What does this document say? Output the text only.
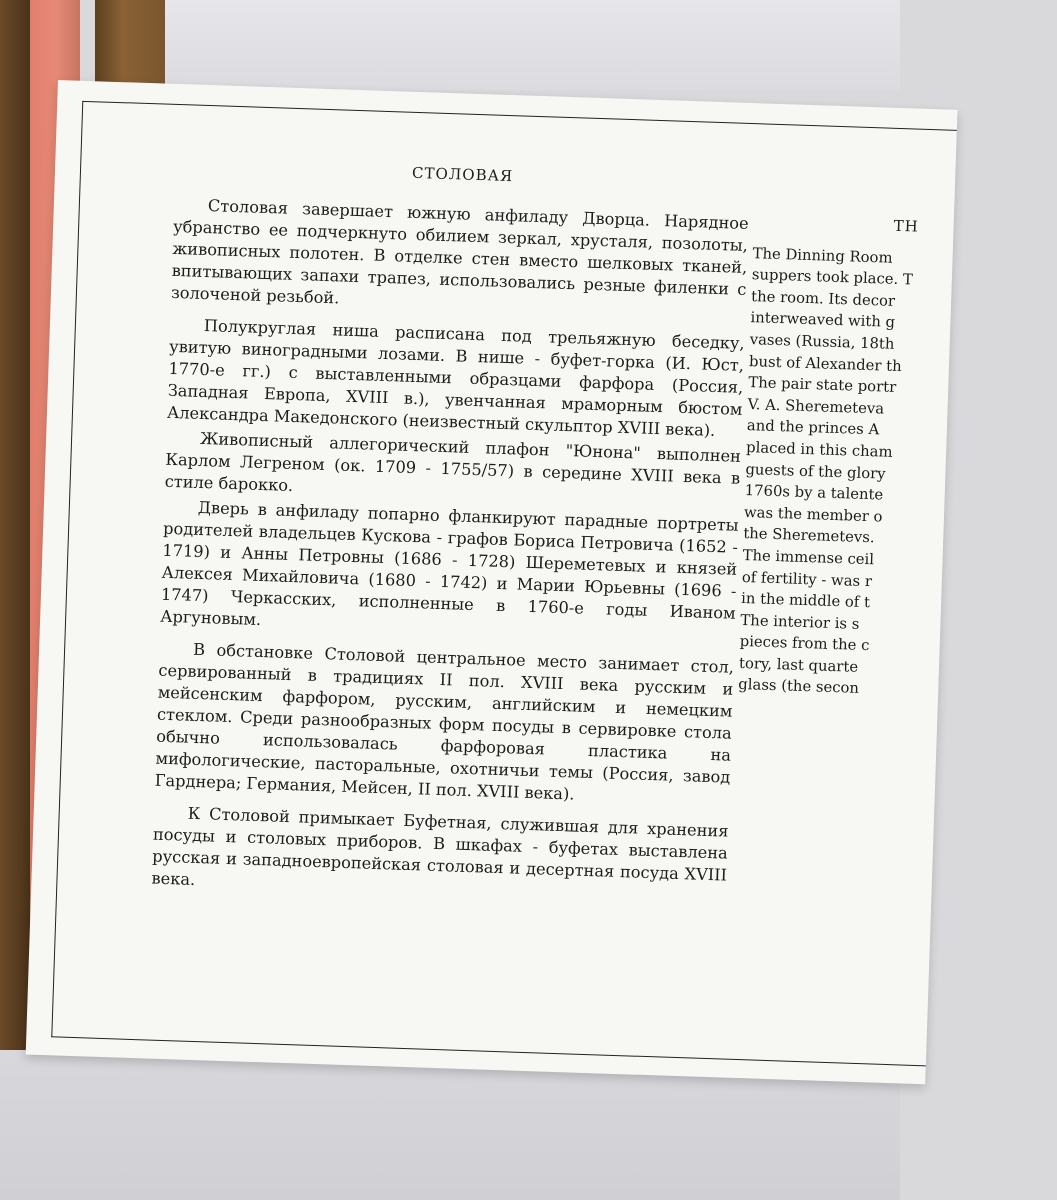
СТОЛОВАЯ

Столовая завершает южную анфиладу Дворца. Нарядное убранство ее подчеркнуто обилием зеркал, хрусталя, позолоты, живописных полотен. В отделке стен вместо шелковых тканей, впитывающих запахи трапез, использовались резные филенки с золоченой резьбой.

Полукруглая ниша расписана под трельяжную беседку, увитую виноградными лозами. В нише - буфет-горка (И. Юст, 1770-е гг.) с выставленными образцами фарфора (Россия, Западная Европа, XVIII в.), увенчанная мраморным бюстом Александра Македонского (неизвестный скульптор XVIII века).

Живописный аллегорический плафон "Юнона" выполнен Карлом Легреном (ок. 1709 - 1755/57) в середине XVIII века в стиле барокко.

Дверь в анфиладу попарно фланкируют парадные портреты родителей владельцев Кускова - графов Бориса Петровича (1652 - 1719) и Анны Петровны (1686 - 1728) Шереметевых и князей Алексея Михайловича (1680 - 1742) и Марии Юрьевны (1696 - 1747) Черкасских, исполненные в 1760-е годы Иваном Аргуновым.

В обстановке Столовой центральное место занимает стол, сервированный в традициях II пол. XVIII века русским и мейсенским фарфором, русским, английским и немецким стеклом. Среди разнообразных форм посуды в сервировке стола обычно использовалась фарфоровая пластика на мифологические, пасторальные, охотничьи темы (Россия, завод Гарднера; Германия, Мейсен, II пол. XVIII века).

К Столовой примыкает Буфетная, служившая для хранения посуды и столовых приборов. В шкафах - буфетах выставлена русская и западноевропейская столовая и десертная посуда XVIII века.

TH
The Dinning Room
suppers took place. T
the room. Its decor
interweaved with g
vases (Russia, 18th
bust of Alexander th
The pair state portr
V. A. Sheremeteva
and the princes A
placed in this cham
guests of the glory
1760s by a talente
was the member o
the Sheremetevs.
The immense ceil
of fertility - was r
in the middle of t
The interior is s
pieces from the c
tory, last quarte
glass (the secon
